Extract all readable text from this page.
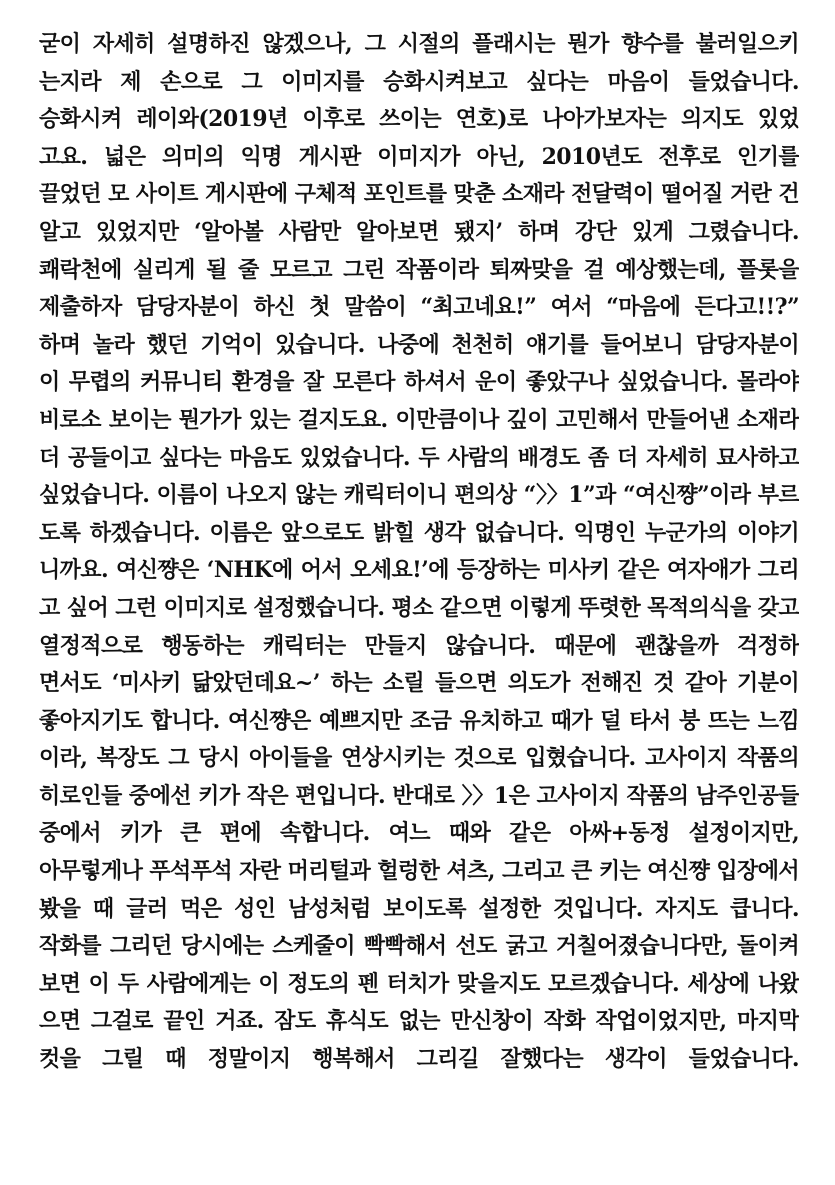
굳이 자세히 설명하진 않겠으나, 그 시절의 플래시는 뭔가 향수를 불러일으키
는지라 제 손으로 그 이미지를 승화시켜보고 싶다는 마음이 들었습니다.
승화시켜 레이와(2019년 이후로 쓰이는 연호)로 나아가보자는 의지도 있었
고요. 넓은 의미의 익명 게시판 이미지가 아닌, 2010년도 전후로 인기를
끌었던 모 사이트 게시판에 구체적 포인트를 맞춘 소재라 전달력이 떨어질 거란 건
알고 있었지만 ‘알아볼 사람만 알아보면 됐지’ 하며 강단 있게 그렸습니다.
쾌락천에 실리게 될 줄 모르고 그린 작품이라 퇴짜맞을 걸 예상했는데, 플롯을
제출하자 담당자분이 하신 첫 말씀이 “최고네요!” 여서 “마음에 든다고!!?”
하며 놀라 했던 기억이 있습니다. 나중에 천천히 얘기를 들어보니 담당자분이
이 무렵의 커뮤니티 환경을 잘 모른다 하셔서 운이 좋았구나 싶었습니다. 몰라야
비로소 보이는 뭔가가 있는 걸지도요. 이만큼이나 깊이 고민해서 만들어낸 소재라
더 공들이고 싶다는 마음도 있었습니다. 두 사람의 배경도 좀 더 자세히 묘사하고
싶었습니다. 이름이 나오지 않는 캐릭터이니 편의상 “〉〉1”과 “여신쨩”이라 부르
도록 하겠습니다. 이름은 앞으로도 밝힐 생각 없습니다. 익명인 누군가의 이야기
니까요. 여신쨩은 ‘NHK에 어서 오세요!’에 등장하는 미사키 같은 여자애가 그리
고 싶어 그런 이미지로 설정했습니다. 평소 같으면 이렇게 뚜렷한 목적의식을 갖고
열정적으로 행동하는 캐릭터는 만들지 않습니다. 때문에 괜찮을까 걱정하
면서도 ‘미사키 닮았던데요~’ 하는 소릴 들으면 의도가 전해진 것 같아 기분이
좋아지기도 합니다. 여신쨩은 예쁘지만 조금 유치하고 때가 덜 타서 붕 뜨는 느낌
이라, 복장도 그 당시 아이들을 연상시키는 것으로 입혔습니다. 고사이지 작품의
히로인들 중에선 키가 작은 편입니다. 반대로 〉〉1은 고사이지 작품의 남주인공들
중에서 키가 큰 편에 속합니다. 여느 때와 같은 아싸+동정 설정이지만,
아무렇게나 푸석푸석 자란 머리털과 헐렁한 셔츠, 그리고 큰 키는 여신쨩 입장에서
봤을 때 글러 먹은 성인 남성처럼 보이도록 설정한 것입니다. 자지도 큽니다.
작화를 그리던 당시에는 스케줄이 빡빡해서 선도 굵고 거칠어졌습니다만, 돌이켜
보면 이 두 사람에게는 이 정도의 펜 터치가 맞을지도 모르겠습니다. 세상에 나왔
으면 그걸로 끝인 거죠. 잠도 휴식도 없는 만신창이 작화 작업이었지만, 마지막
컷을 그릴 때 정말이지 행복해서 그리길 잘했다는 생각이 들었습니다.
